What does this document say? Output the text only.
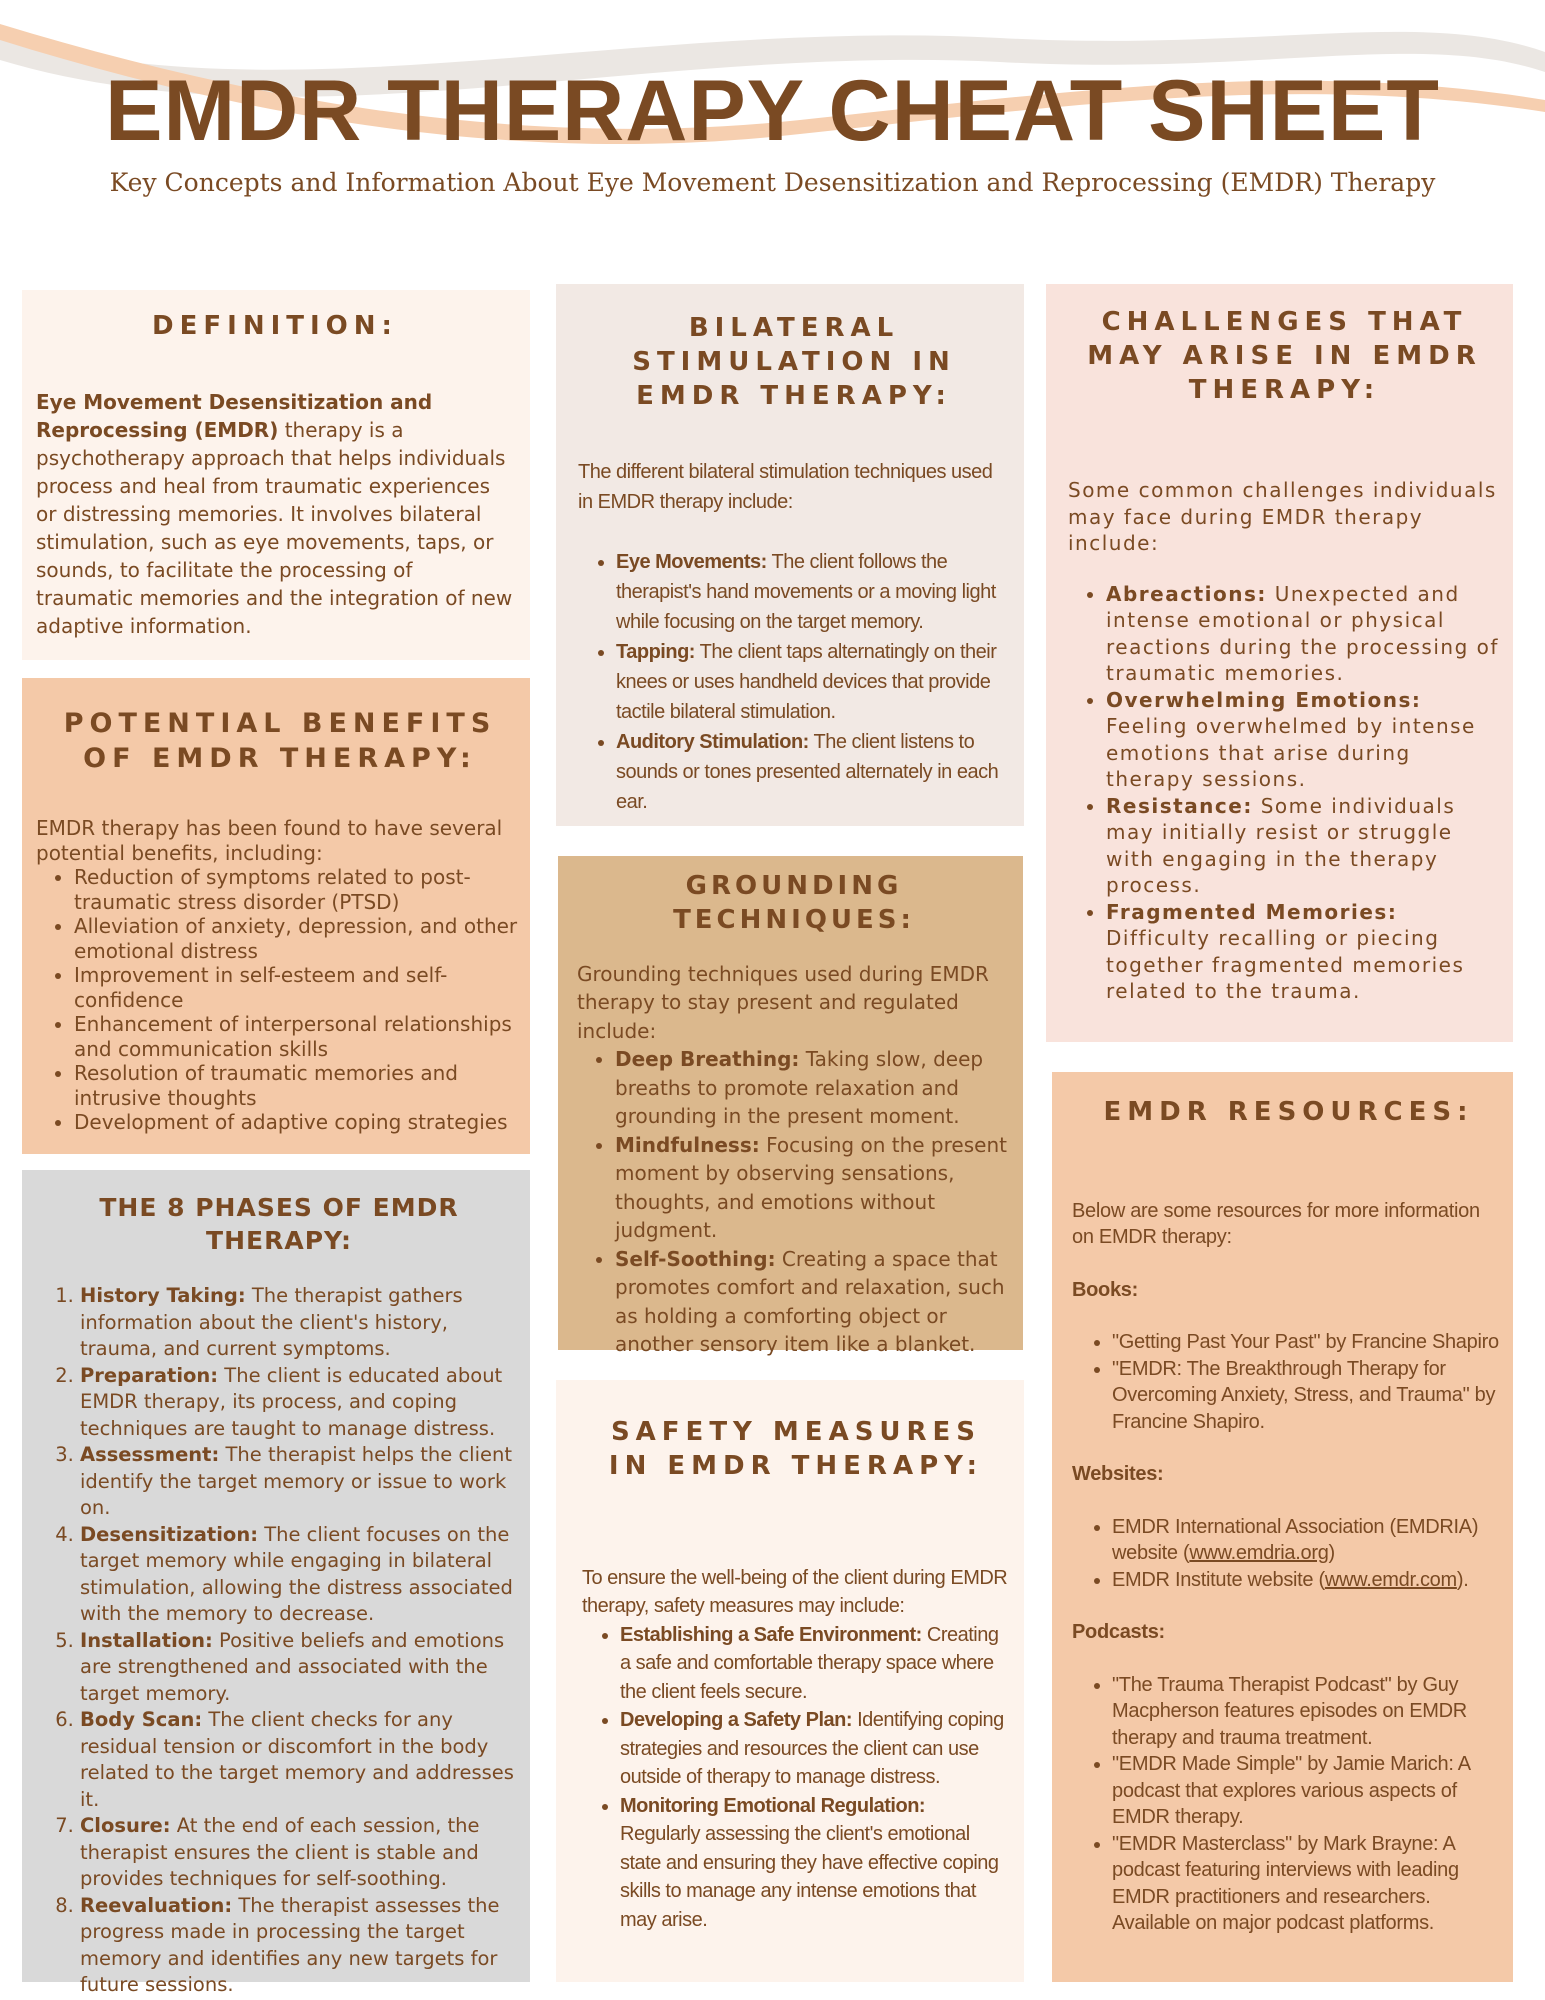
EMDR THERAPY CHEAT SHEET
Key Concepts and Information About Eye Movement Desensitization and Reprocessing (EMDR) Therapy
DEFINITION:

Eye Movement Desensitization and Reprocessing (EMDR) therapy is a psychotherapy approach that helps individuals process and heal from traumatic experiences or distressing memories. It involves bilateral stimulation, such as eye movements, taps, or sounds, to facilitate the processing of traumatic memories and the integration of new adaptive information.

POTENTIAL BENEFITS OF EMDR THERAPY:

EMDR therapy has been found to have several potential benefits, including:

• Reduction of symptoms related to post-traumatic stress disorder (PTSD)
• Alleviation of anxiety, depression, and other emotional distress
• Improvement in self-esteem and self-confidence
• Enhancement of interpersonal relationships and communication skills
• Resolution of traumatic memories and intrusive thoughts
• Development of adaptive coping strategies
THE 8 PHASES OF EMDR THERAPY:
1. History Taking: The therapist gathers information about the client's history, trauma, and current symptoms.
2. Preparation: The client is educated about EMDR therapy, its process, and coping techniques are taught to manage distress.
3. Assessment: The therapist helps the client identify the target memory or issue to work on.
4. Desensitization: The client focuses on the target memory while engaging in bilateral stimulation, allowing the distress associated with the memory to decrease.
5. Installation: Positive beliefs and emotions are strengthened and associated with the target memory.
6. Body Scan: The client checks for any residual tension or discomfort in the body related to the target memory and addresses it.
7. Closure: At the end of each session, the therapist ensures the client is stable and provides techniques for self-soothing.
8. Reevaluation: The therapist assesses the progress made in processing the target memory and identifies any new targets for future sessions.
BILATERAL STIMULATION IN EMDR THERAPY:

The different bilateral stimulation techniques used in EMDR therapy include:

• Eye Movements: The client follows the therapist's hand movements or a moving light while focusing on the target memory.
• Tapping: The client taps alternatingly on their knees or uses handheld devices that provide tactile bilateral stimulation.
• Auditory Stimulation: The client listens to sounds or tones presented alternately in each ear.
GROUNDING TECHNIQUES:

Grounding techniques used during EMDR therapy to stay present and regulated include:

• Deep Breathing: Taking slow, deep breaths to promote relaxation and grounding in the present moment.
• Mindfulness: Focusing on the present moment by observing sensations, thoughts, and emotions without judgment.
• Self-Soothing: Creating a space that promotes comfort and relaxation, such as holding a comforting object or another sensory item like a blanket.
SAFETY MEASURES IN EMDR THERAPY:

To ensure the well-being of the client during EMDR therapy, safety measures may include:

• Establishing a Safe Environment: Creating a safe and comfortable therapy space where the client feels secure.
• Developing a Safety Plan: Identifying coping strategies and resources the client can use outside of therapy to manage distress.
• Monitoring Emotional Regulation: Regularly assessing the client's emotional state and ensuring they have effective coping skills to manage any intense emotions that may arise.
CHALLENGES THAT MAY ARISE IN EMDR THERAPY:

Some common challenges individuals may face during EMDR therapy include:

• Abreactions: Unexpected and intense emotional or physical reactions during the processing of traumatic memories.
• Overwhelming Emotions: Feeling overwhelmed by intense emotions that arise during therapy sessions.
• Resistance: Some individuals may initially resist or struggle with engaging in the therapy process.
• Fragmented Memories: Difficulty recalling or piecing together fragmented memories related to the trauma.
EMDR RESOURCES:

Below are some resources for more information on EMDR therapy:

Books:

• "Getting Past Your Past" by Francine Shapiro
• "EMDR: The Breakthrough Therapy for Overcoming Anxiety, Stress, and Trauma" by Francine Shapiro.

Websites:

• EMDR International Association (EMDRIA) website (www.emdria.org)
• EMDR Institute website (www.emdr.com).

Podcasts:

• "The Trauma Therapist Podcast" by Guy Macpherson features episodes on EMDR therapy and trauma treatment.
• "EMDR Made Simple" by Jamie Marich: A podcast that explores various aspects of EMDR therapy.
• "EMDR Masterclass" by Mark Brayne: A podcast featuring interviews with leading EMDR practitioners and researchers. Available on major podcast platforms.
